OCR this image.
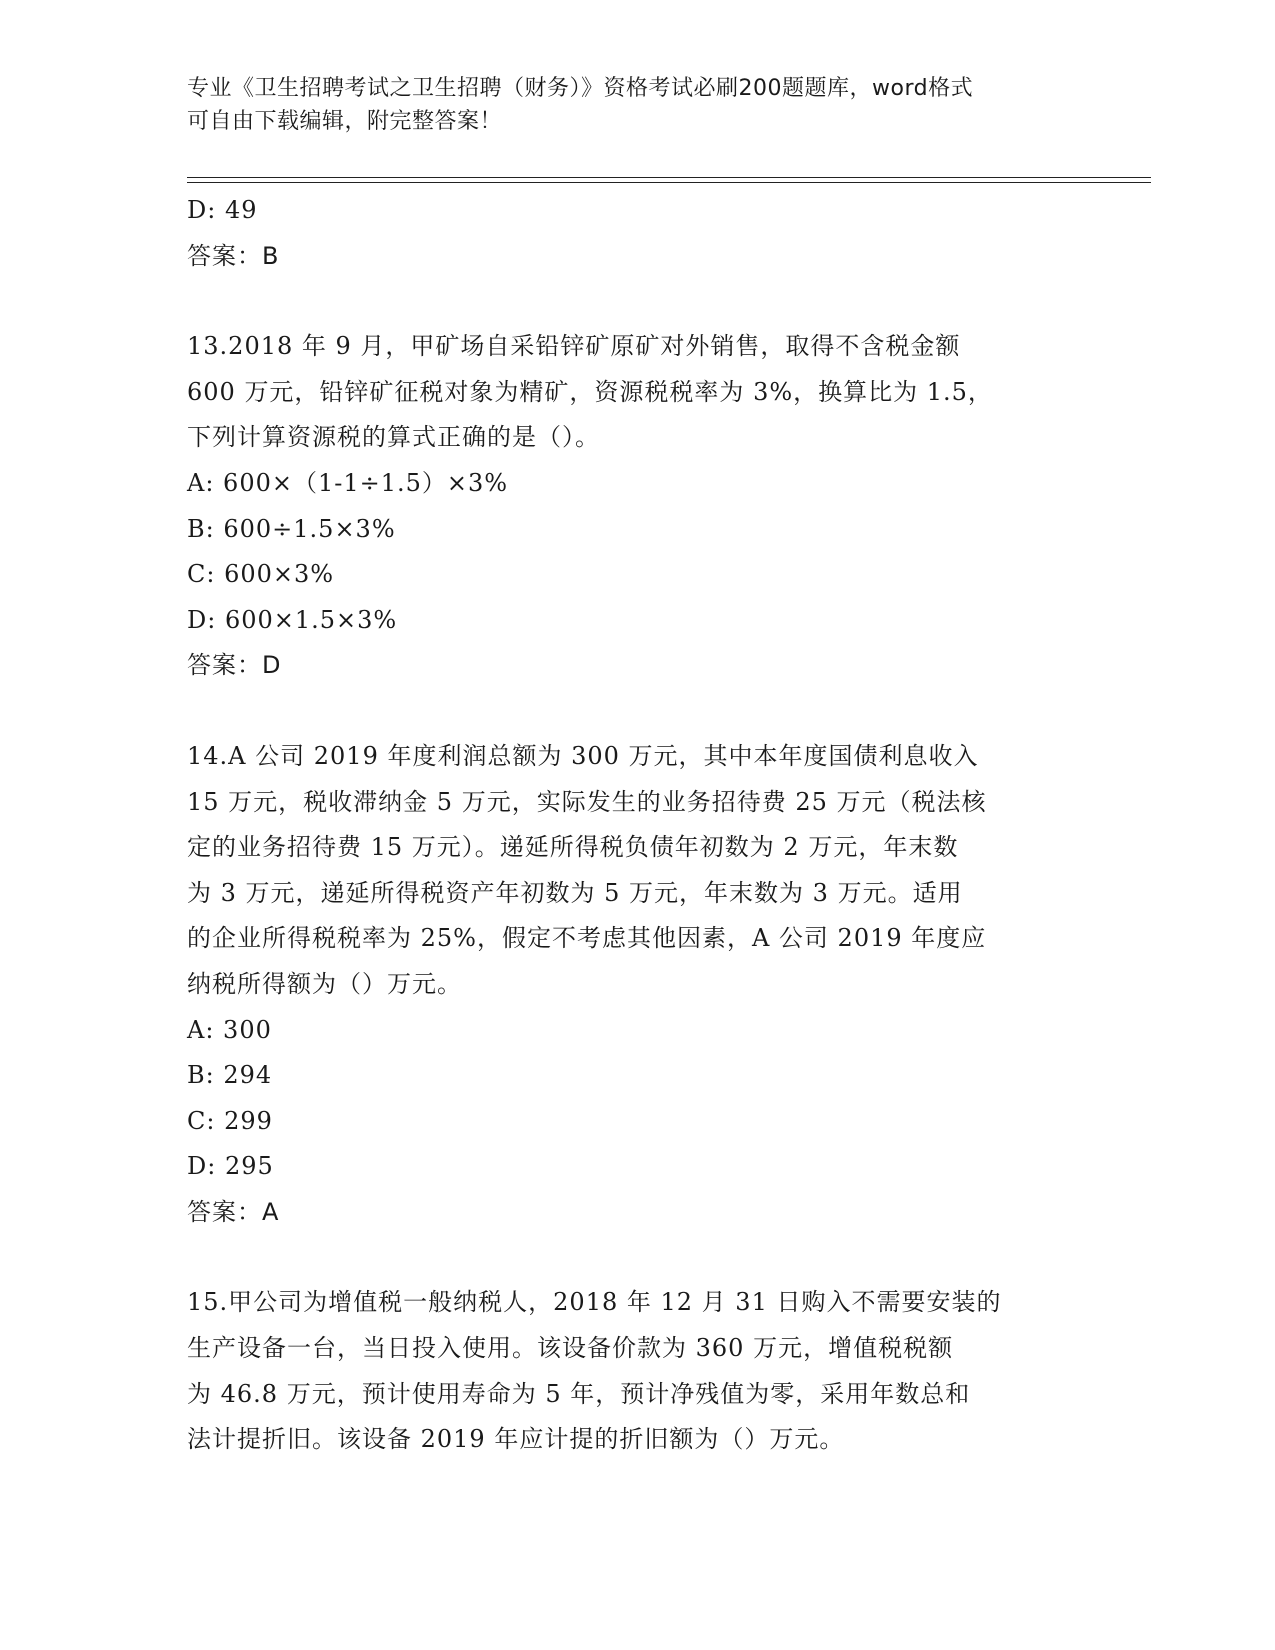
专业《卫生招聘考试之卫生招聘（财务）》资格考试必刷200题题库，word格式
可自由下载编辑，附完整答案！
D: 49
答案：B
13.2018 年 9 月，甲矿场自采铅锌矿原矿对外销售，取得不含税金额
600 万元，铅锌矿征税对象为精矿，资源税税率为 3%，换算比为 1.5，
下列计算资源税的算式正确的是（）。
A: 600×（1-1÷1.5）×3%
B: 600÷1.5×3%
C: 600×3%
D: 600×1.5×3%
答案：D
14.A 公司 2019 年度利润总额为 300 万元，其中本年度国债利息收入
15 万元，税收滞纳金 5 万元，实际发生的业务招待费 25 万元（税法核
定的业务招待费 15 万元）。递延所得税负债年初数为 2 万元，年末数
为 3 万元，递延所得税资产年初数为 5 万元，年末数为 3 万元。适用
的企业所得税税率为 25%，假定不考虑其他因素，A 公司 2019 年度应
纳税所得额为（）万元。
A: 300
B: 294
C: 299
D: 295
答案：A
15.甲公司为增值税一般纳税人，2018 年 12 月 31 日购入不需要安装的
生产设备一台，当日投入使用。该设备价款为 360 万元，增值税税额
为 46.8 万元，预计使用寿命为 5 年，预计净残值为零，采用年数总和
法计提折旧。该设备 2019 年应计提的折旧额为（）万元。
